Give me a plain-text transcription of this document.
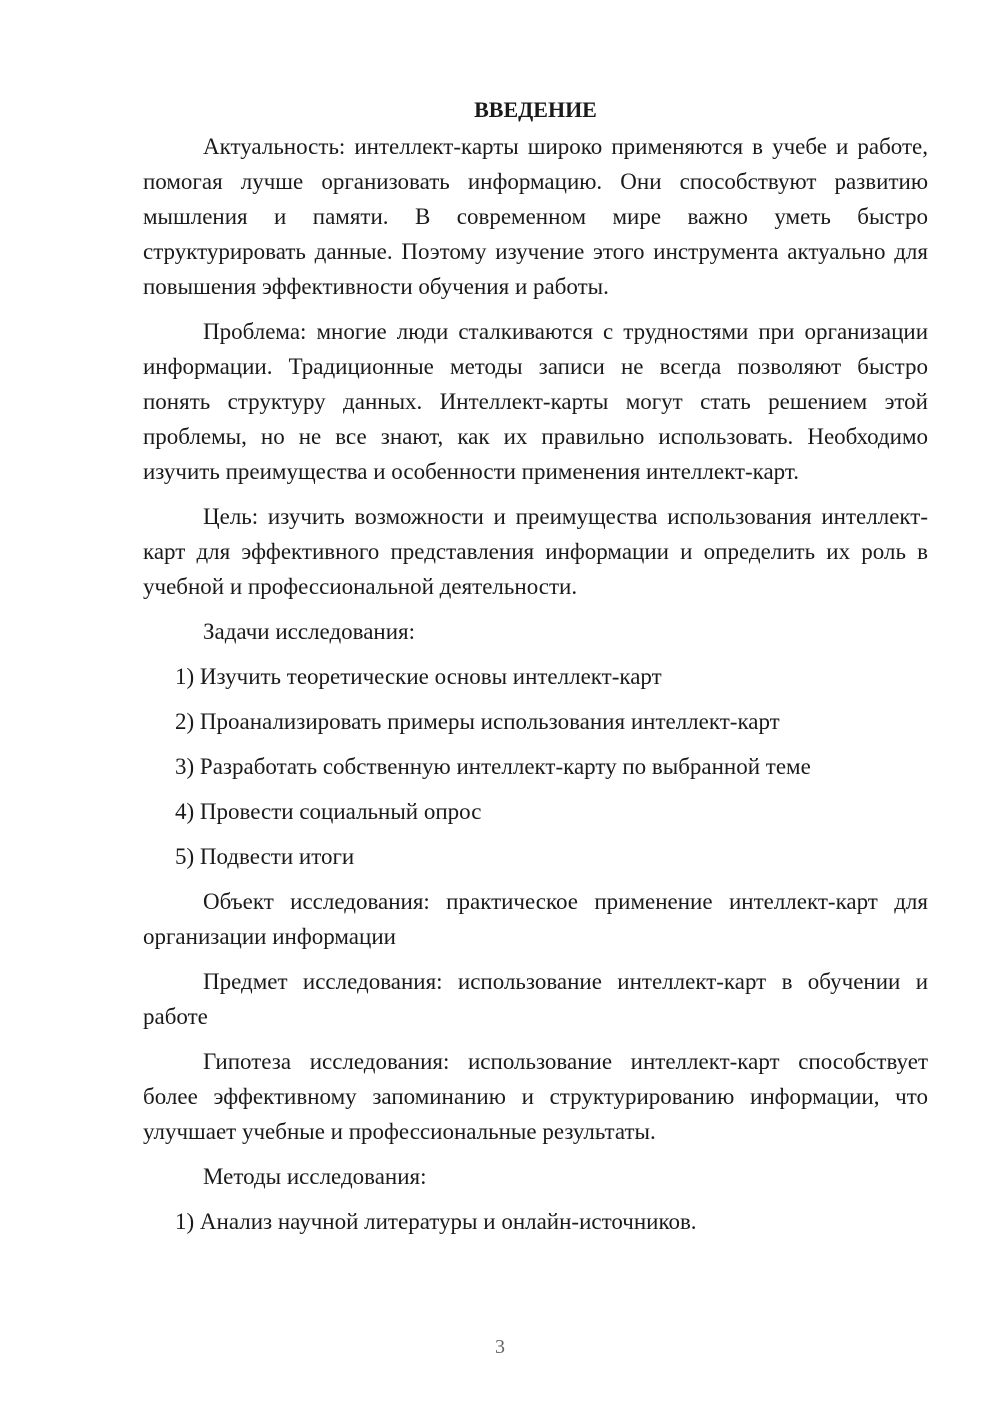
ВВЕДЕНИЕ

Актуальность: интеллект-карты широко применяются в учебе и работе, помогая лучше организовать информацию. Они способствуют развитию мышления и памяти. В современном мире важно уметь быстро структурировать данные. Поэтому изучение этого инструмента актуально для повышения эффективности обучения и работы.

Проблема: многие люди сталкиваются с трудностями при организации информации. Традиционные методы записи не всегда позволяют быстро понять структуру данных. Интеллект-карты могут стать решением этой проблемы, но не все знают, как их правильно использовать. Необходимо изучить преимущества и особенности применения интеллект-карт.

Цель: изучить возможности и преимущества использования интеллект-карт для эффективного представления информации и определить их роль в учебной и профессиональной деятельности.

Задачи исследования:

1) Изучить теоретические основы интеллект-карт

2) Проанализировать примеры использования интеллект-карт

3) Разработать собственную интеллект-карту по выбранной теме

4) Провести социальный опрос

5) Подвести итоги

Объект исследования: практическое применение интеллект-карт для организации информации

Предмет исследования: использование интеллект-карт в обучении и работе

Гипотеза исследования: использование интеллект-карт способствует более эффективному запоминанию и структурированию информации, что улучшает учебные и профессиональные результаты.

Методы исследования:

1) Анализ научной литературы и онлайн-источников.

3
